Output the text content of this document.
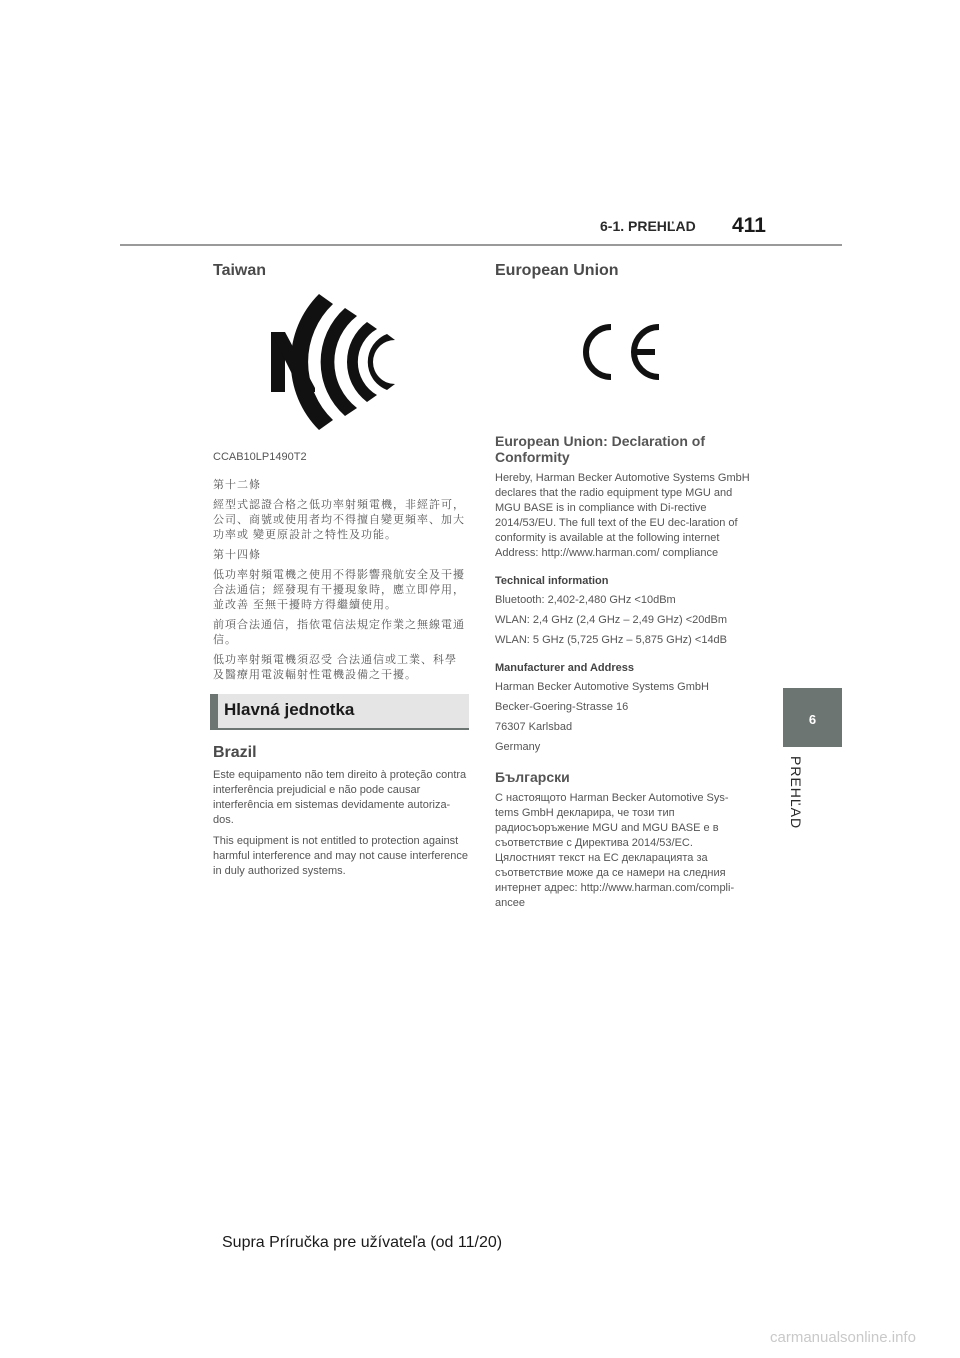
6-1. PREHĽAD 411
6
PREHĽAD
Taiwan

CCAB10LP1490T2

第十二條

經型式認證合格之低功率射頻電機，非經許可，公司、商號或使用者均不得擅自變更頻率、加大功率或 變更原設計之特性及功能。

第十四條

低功率射頻電機之使用不得影響飛航安全及干擾合法通信；經發現有干擾現象時，應立即停用，並改善 至無干擾時方得繼續使用。

前項合法通信，指依電信法規定作業之無線電通信。

低功率射頻電機須忍受 合法通信或工業、科學及醫療用電波輻射性電機設備之干擾。

Hlavná jednotka
Brazil

Este equipamento não tem direito à proteção contra interferência prejudicial e não pode causar interferência em sistemas devidamente autoriza-dos.

This equipment is not entitled to protection against harmful interference and may not cause interference in duly authorized systems.

European Union
European Union: Declaration of Conformity

Hereby, Harman Becker Automotive Systems GmbH declares that the radio equipment type MGU and MGU BASE is in compliance with Di-rective 2014/53/EU. The full text of the EU dec-laration of conformity is available at the following internet Address: http://www.harman.com/ compliance

Technical information

Bluetooth: 2,402-2,480 GHz <10dBm

WLAN: 2,4 GHz (2,4 GHz – 2,49 GHz) <20dBm

WLAN: 5 GHz (5,725 GHz – 5,875 GHz) <14dB

Manufacturer and Address

Harman Becker Automotive Systems GmbH

Becker-Goering-Strasse 16

76307 Karlsbad

Germany

Български

С настоящото Harman Becker Automotive Sys-tems GmbH декларира, че този тип радиосъоръжение MGU and MGU BASE е в съответствие с Директива 2014/53/ЕС. Цялостният текст на ЕС декларацията за съответствие може да се намери на следния интернет адрес: http://www.harman.com/compli-ancee

Supra Príručka pre užívateľa (od 11/20)
carmanualsonline.info
